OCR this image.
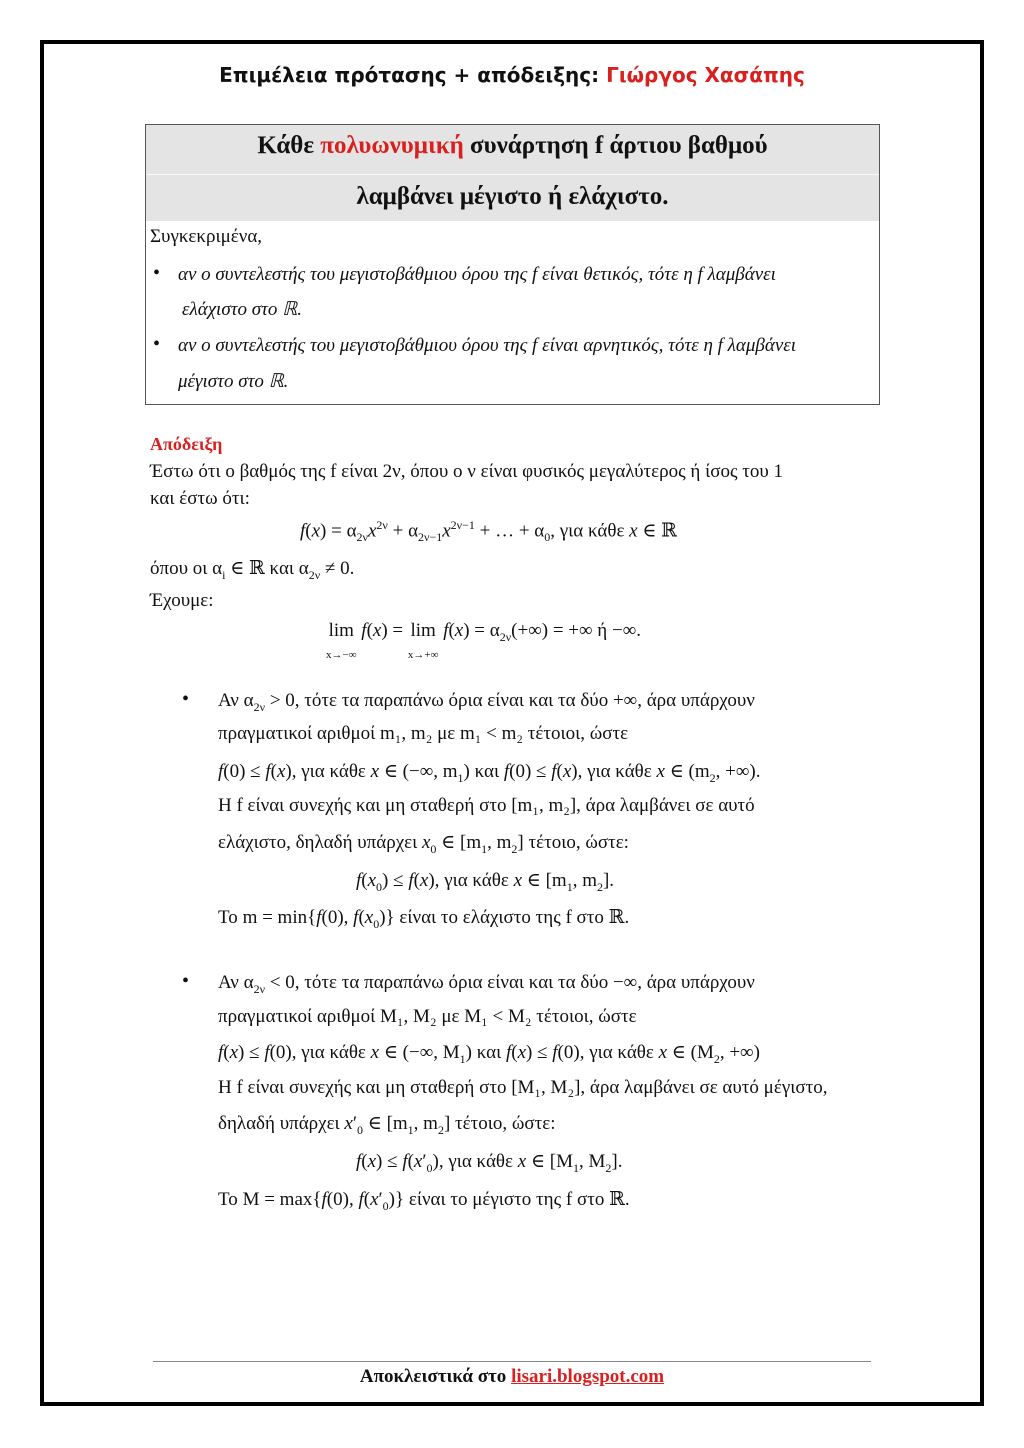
Επιμέλεια πρότασης + απόδειξης: Γιώργος Χασάπης
Κάθε πολυωνυμική συνάρτηση f άρτιου βαθμού
λαμβάνει μέγιστο ή ελάχιστο.
Συγκεκριμένα,
• αν ο συντελεστής του μεγιστοβάθμιου όρου της f είναι θετικός, τότε η f λαμβάνει
ελάχιστο στο ℝ.
• αν ο συντελεστής του μεγιστοβάθμιου όρου της f είναι αρνητικός, τότε η f λαμβάνει
μέγιστο στο ℝ.
Απόδειξη
Έστω ότι ο βαθμός της f είναι 2ν, όπου ο ν είναι φυσικός μεγαλύτερος ή ίσος του 1
και έστω ότι:
$f(x) = \alpha_{2\nu}x^{2\nu} + \alpha_{2\nu-1}x^{2\nu-1}$ + … + $\alpha_0$, για κάθε x ∈ ℝ
όπου οι $\alpha_i$ ∈ ℝ και $\alpha_{2\nu} \ne 0$.
Έχουμε:
lim
x→−∞ f(x) = lim
x→+∞ $f(x) = \alpha_{2\nu}(+\infty)$ = +∞ ή −∞.
• Αν $\alpha_{2\nu} > 0$, τότε τα παραπάνω όρια είναι και τα δύο +∞, άρα υπάρχουν
πραγματικοί αριθμοί m₁, m₂ με m₁ < m₂ τέτοιοι, ώστε
f(0) ≤ f(x), για κάθε x ∈ (−∞, $m_1$) και f(0) ≤ f(x), για κάθε x ∈ ($m_2$, +∞).
Η f είναι συνεχής και μη σταθερή στο [m₁, m₂], άρα λαμβάνει σε αυτό
ελάχιστο, δηλαδή υπάρχει $x_0$ ∈ [$m_1$, $m_2$] τέτοιο, ώστε:
$f(x_0) \le f(x)$, για κάθε x ∈ [$m_1$, $m_2$].
Το m = min{f(0), $f(x_0)$} είναι το ελάχιστο της f στο ℝ.
• Αν $\alpha_{2\nu} < 0$, τότε τα παραπάνω όρια είναι και τα δύο −∞, άρα υπάρχουν
πραγματικοί αριθμοί M₁, M₂ με M₁ < M₂ τέτοιοι, ώστε
f(x) ≤ f(0), για κάθε x ∈ (−∞, $M_1$) και f(x) ≤ f(0), για κάθε x ∈ ($M_2$, +∞)
Η f είναι συνεχής και μη σταθερή στο [M₁, M₂], άρα λαμβάνει σε αυτό μέγιστο,
δηλαδή υπάρχει $x'_0$ ∈ [$m_1$, $m_2$] τέτοιο, ώστε:
$f(x) \le f(x'_0)$, για κάθε x ∈ [$M_1$, $M_2$].
Το M = max{f(0), $f(x'_0)$} είναι το μέγιστο της f στο ℝ.
Αποκλειστικά στο lisari.blogspot.com
